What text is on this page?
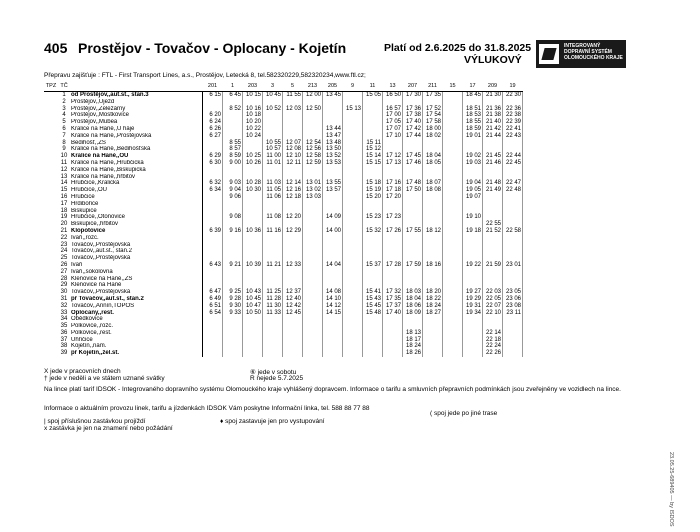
405 Prostějov - Tovačov - Oplocany - Kojetín	Platí od 2.6.2025 do 31.8.2025
VÝLUKOVÝ
INTEGROVANÝ DOPRAVNÍ SYSTÉM OLOMOUCKÉHO KRAJE
Přepravu zajišťuje : FTL - First Transport Lines, a.s., Prostějov, Letecká 8, tel.582320229,582320234,www.ftl.cz;
TPZ	TČ		201	1	203	3	5	213	205	9	11	13	207	211	15	17	209	19
	1	od Prostějov,,aut.st., stan.3	6 15	6 45	10 15	10 45	11 55	12 00	13 45		15 05	16 50	17 30	17 35		18 45	21 30	22 30
	2	Prostějov,,Újezd																
	3	Prostějov,,Železárny		8 52	10 16	10 52	12 03	12 50		15 13		16 57	17 36	17 52		18 51	21 36	22 36
	4	Prostějov,,Mostkovice	6 20		10 18							17 00	17 38	17 54		18 53	21 38	22 38
	5	Prostějov,,Mubea	6 24		10 20							17 05	17 40	17 58		18 55	21 40	22 39
	6	Kralice na Hané,,U háje	6 26		10 22				13 44			17 07	17 42	18 00		18 59	21 42	22 41
	7	Kralice na Hané,,Prostějovská	6 27		10 24				13 47			17 10	17 44	18 02		19 01	21 44	22 43
	8	Bedihošť,,ZŠ		8 55		10 55	12 07	12 54	13 48		15 11							
	9	Kralice na Hané,,Bedihošťská		8 57		10 57	12 08	12 56	13 50		15 12							
	10	Kralice na Hané,,OÚ	6 29	8 59	10 25	11 00	12 10	12 58	13 52		15 14	17 12	17 45	18 04		19 02	21 45	22 44
	11	Kralice na Hané,,Hrubčická	6 30	9 00	10 26	11 01	12 11	12 59	13 53		15 15	17 13	17 46	18 05		19 03	21 46	22 45
	12	Kralice na Hané,,Biskupická																
	13	Kralice na Hané,,hřbitov																
	14	Hrubčice,,Kralická	6 32	9 03	10 28	11 03	12 14	13 01	13 55		15 18	17 16	17 48	18 07		19 04	21 48	22 47
	15	Hrubčice,,OÚ	6 34	9 04	10 30	11 05	12 16	13 02	13 57		15 19	17 18	17 50	18 08		19 05	21 49	22 48
	16	Hrubčice		9 06		11 06	12 18	13 03			15 20	17 20				19 07		
	17	Hrdibořice																
	18	Biskupice																
	19	Hrubčice,,Otonovice		9 08		11 08	12 20		14 09		15 23	17 23				19 10		
	20	Biskupice,,hřbitov															22 55	
	21	Klopotovice	6 39	9 16	10 36	11 16	12 29		14 00		15 32	17 26	17 55	18 12		19 18	21 52	22 58
	22	Ivaň,,rozc.																
	23	Tovačov,,Prostějovská																
	24	Tovačov,,aut.st., stan.2																
	25	Tovačov,,Prostějovská																
	26	Ivaň	6 43	9 21	10 39	11 21	12 33		14 04		15 37	17 28	17 59	18 16		19 22	21 59	23 01
	27	Ivaň,,sokolovna																
	28	Klenovice na Hané,,ZŠ																
	29	Klenovice na Hané																
	30	Tovačov,,Prostějovská	6 47	9 25	10 43	11 25	12 37		14 08		15 41	17 32	18 03	18 20		19 27	22 03	23 05
	31	př Tovačov,,aut.st., stan.2	6 49	9 28	10 45	11 28	12 40		14 10		15 43	17 35	18 04	18 22		19 29	22 05	23 06
	32	Tovačov,,Annín,TOPOS	6 51	9 30	10 47	11 30	12 42		14 12		15 45	17 37	18 06	18 24		19 31	22 07	23 08
	33	Oplocany,,rest.	6 54	9 33	10 50	11 33	12 45		14 15		15 48	17 40	18 09	18 27		19 34	22 10	23 11
	34	Obědkovice																
	35	Polkovice,,rozc.																
	36	Polkovice,,rest.											18 13				22 14	
	37	Uhřičice											18 17				22 18	
	38	Kojetín,,nám.											18 24				22 24	
	39	př Kojetín,,žel.st.											18 26				22 26	
X jede v pracovních dnech
† jede v neděli a ve státem uznané svátky
⑥ jede v sobotu
R nejede 5.7.2025
Na lince platí tarif IDSOK - Integrovaného dopravního systému Olomouckého kraje vyhlášený dopravcem. Informace o tarifu a smluvních přepravních podmínkách jsou zveřejněny ve vozidlech na lince.
Informace o aktuálním provozu linek, tarifu a jízdenkách IDSOK Vám poskytne Informační linka, tel. 588 88 77 88
( spoj jede po jiné trase
| spoj příslušnou zastávkou projíždí
x zastávka je jen na znamení nebo požádání
♦ spoj zastavuje jen pro vystupování
23.05.25-689405 — by ISDOS
